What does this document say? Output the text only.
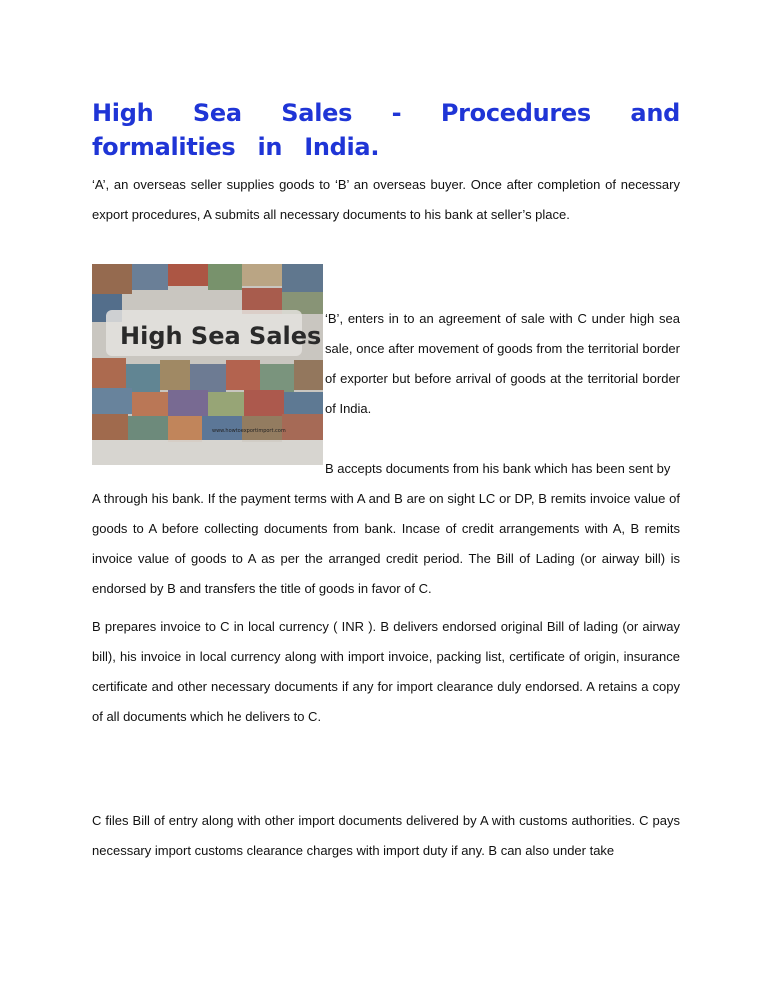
High Sea Sales - Procedures and formalities in India.

‘A’, an overseas seller supplies goods to ‘B’ an overseas buyer. Once after completion of necessary export procedures, A submits all necessary documents to his bank at seller’s place.

High Sea Sales
www.howtoexportimport.com

‘B’, enters in to an agreement of sale with C under high sea sale, once after movement of goods from the territorial border of exporter but before arrival of goods at the territorial border of India.

B accepts documents from his bank which has been sent by

A through his bank. If the payment terms with A and B are on sight LC or DP, B remits invoice value of goods to A before collecting documents from bank. Incase of credit arrangements with A, B remits invoice value of goods to A as per the arranged credit period. The Bill of Lading (or airway bill) is endorsed by B and transfers the title of goods in favor of C.

B prepares invoice to C in local currency ( INR ). B delivers endorsed original Bill of lading (or airway bill), his invoice in local currency along with import invoice, packing list, certificate of origin, insurance certificate and other necessary documents if any for import clearance duly endorsed. A retains a copy of all documents which he delivers to C.

C files Bill of entry along with other import documents delivered by A with customs authorities. C pays necessary import customs clearance charges with import duty if any. B can also under take
